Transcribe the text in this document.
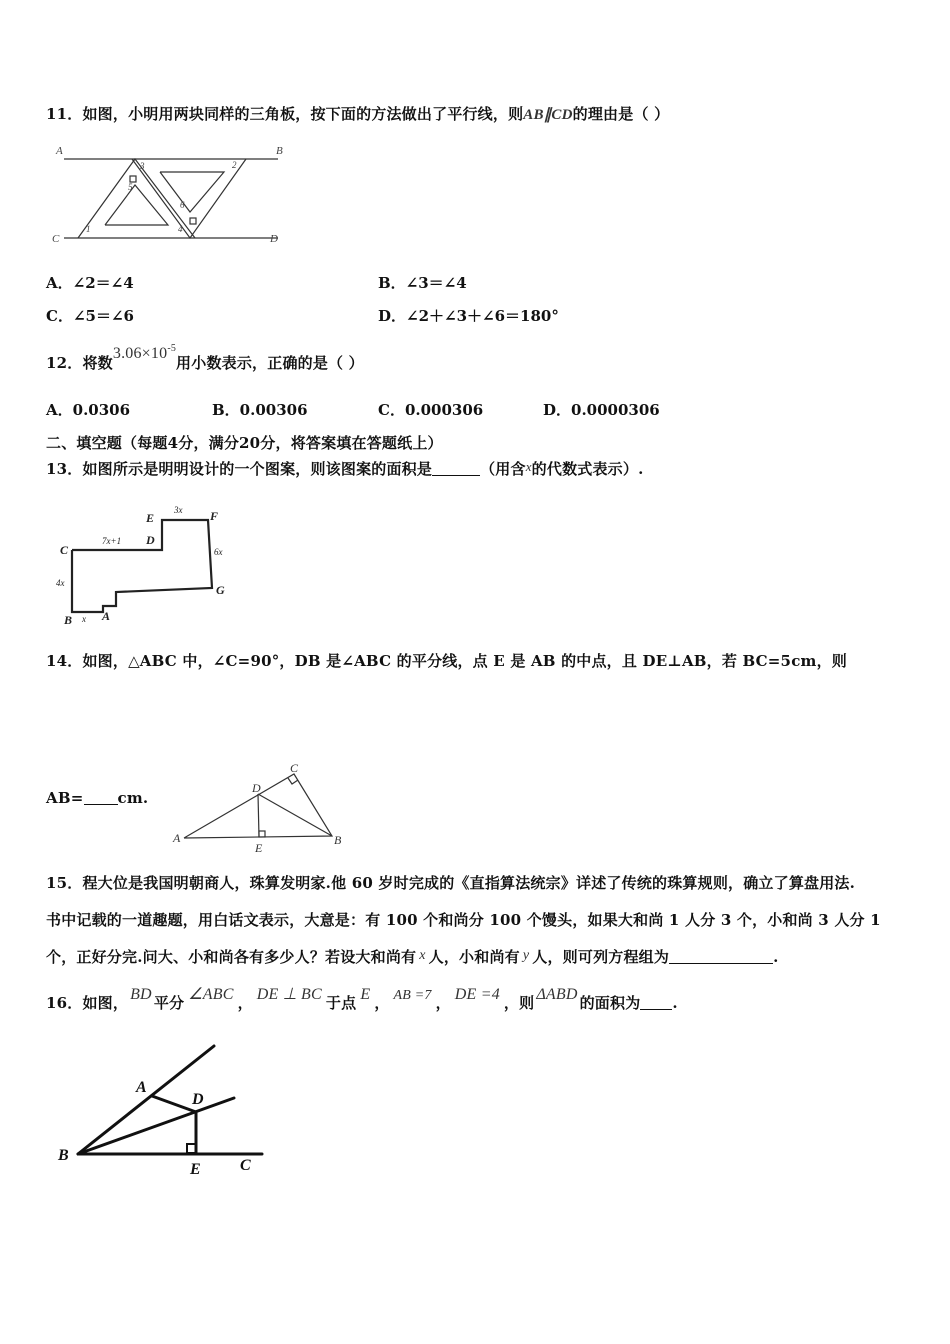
11．如图，小明用两块同样的三角板，按下面的方法做出了平行线，则AB∥CD的理由是（ ）
A	B
C	D
1
2
3
4
5
6
A．∠2＝∠4	B．∠3＝∠4
C．∠5＝∠6	D．∠2＋∠3＋∠6＝180°
12．将数$3.06\times 10^{-5}$用小数表示，正确的是（ ）
A．0.0306	B．0.00306	C．0.000306	D．0.0000306
二、填空题（每题4分，满分20分，将答案填在答题纸上）
13．如图所示是明明设计的一个图案，则该图案的面积是	（用含x的代数式表示）.
E	F
C
D
G
B A
3x
7x+1
6x
4x
x
14．如图，△ABC 中，∠C=90°，DB 是∠ABC 的平分线，点 E 是 AB 的中点，且 DE⊥AB，若 BC=5cm，则
AB= cm.
A	B
C
D
E
15．程大位是我国明朝商人，珠算发明家.他 60 岁时完成的《直指算法统宗》详述了传统的珠算规则，确立了算盘用法.
书中记载的一道趣题，用白话文表示，大意是：有 100 个和尚分 100 个馒头，如果大和尚 1 人分 3 个，小和尚 3 人分 1
个，正好分完.问大、小和尚各有多少人？若设大和尚有 x 人，小和尚有 y 人，则可列方程组为	.
16．如图， BD 平分 ∠ABC ， DE ⊥ BC 于点 E ， AB =7 ， DE =4 ，则 ΔABD 的面积为 .
A
B
C
D
E
